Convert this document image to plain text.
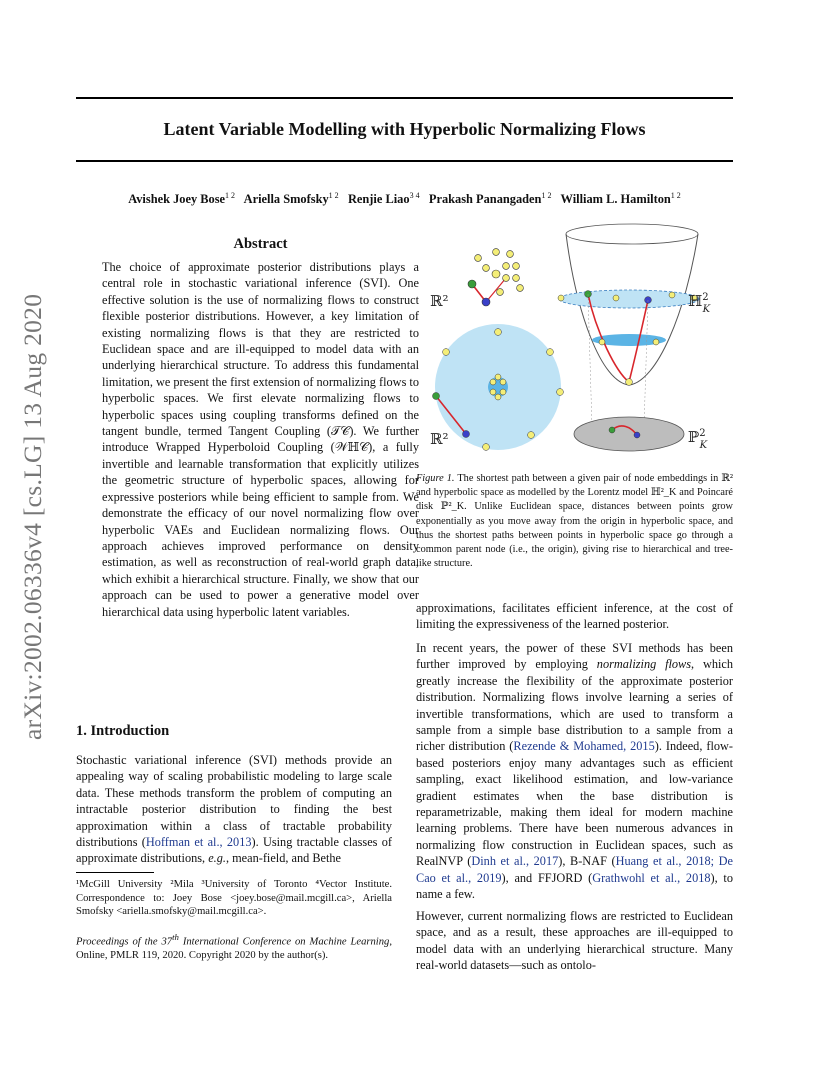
Latent Variable Modelling with Hyperbolic Normalizing Flows
Avishek Joey Bose$^{1 2}$ Ariella Smofsky$^{1 2}$ Renjie Liao$^{3 4}$ Prakash Panangaden$^{1 2}$ William L. Hamilton$^{1 2}$
arXiv:2002.06336v4 [cs.LG] 13 Aug 2020
Abstract
The choice of approximate posterior distributions plays a central role in stochastic variational inference (SVI). One effective solution is the use of normalizing flows to construct flexible posterior distributions. However, a key limitation of existing normalizing flows is that they are restricted to Euclidean space and are ill-equipped to model data with an underlying hierarchical structure. To address this fundamental limitation, we present the first extension of normalizing flows to hyperbolic spaces. We first elevate normalizing flows to hyperbolic spaces using coupling transforms defined on the tangent bundle, termed Tangent Coupling (𝒯𝒞). We further introduce Wrapped Hyperboloid Coupling (𝒲ℍ𝒞), a fully invertible and learnable transformation that explicitly utilizes the geometric structure of hyperbolic spaces, allowing for expressive posteriors while being efficient to sample from. We demonstrate the efficacy of our novel normalizing flow over hyperbolic VAEs and Euclidean normalizing flows. Our approach achieves improved performance on density estimation, as well as reconstruction of real-world graph data, which exhibit a hierarchical structure. Finally, we show that our approach can be used to power a generative model over hierarchical data using hyperbolic latent variables.
1. Introduction
Stochastic variational inference (SVI) methods provide an appealing way of scaling probabilistic modeling to large scale data. These methods transform the problem of computing an intractable posterior distribution to finding the best approximation within a class of tractable probability distributions (Hoffman et al., 2013). Using tractable classes of approximate distributions, e.g., mean-field, and Bethe
¹McGill University ²Mila ³University of Toronto ⁴Vector Institute. Correspondence to: Joey Bose <joey.bose@mail.mcgill.ca>, Ariella Smofsky <ariella.smofsky@mail.mcgill.ca>.
Proceedings of the 37th International Conference on Machine Learning, Online, PMLR 119, 2020. Copyright 2020 by the author(s).
ℝ²
ℝ²
ℍ$^2$ K
ℙ$^2$ K
Figure 1. The shortest path between a given pair of node embeddings in ℝ² and hyperbolic space as modelled by the Lorentz model ℍ²_K and Poincaré disk ℙ²_K. Unlike Euclidean space, distances between points grow exponentially as you move away from the origin in hyperbolic space, and thus the shortest paths between points in hyperbolic space go through a common parent node (i.e., the origin), giving rise to hierarchical and tree-like structure.
approximations, facilitates efficient inference, at the cost of limiting the expressiveness of the learned posterior.
In recent years, the power of these SVI methods has been further improved by employing normalizing flows, which greatly increase the flexibility of the approximate posterior distribution. Normalizing flows involve learning a series of invertible transformations, which are used to transform a sample from a simple base distribution to a sample from a richer distribution (Rezende & Mohamed, 2015). Indeed, flow-based posteriors enjoy many advantages such as efficient sampling, exact likelihood estimation, and low-variance gradient estimates when the base distribution is reparametrizable, making them ideal for modern machine learning problems. There have been numerous advances in normalizing flow construction in Euclidean spaces, such as RealNVP (Dinh et al., 2017), B-NAF (Huang et al., 2018; De Cao et al., 2019), and FFJORD (Grathwohl et al., 2018), to name a few.
However, current normalizing flows are restricted to Euclidean space, and as a result, these approaches are ill-equipped to model data with an underlying hierarchical structure. Many real-world datasets—such as ontolo-
